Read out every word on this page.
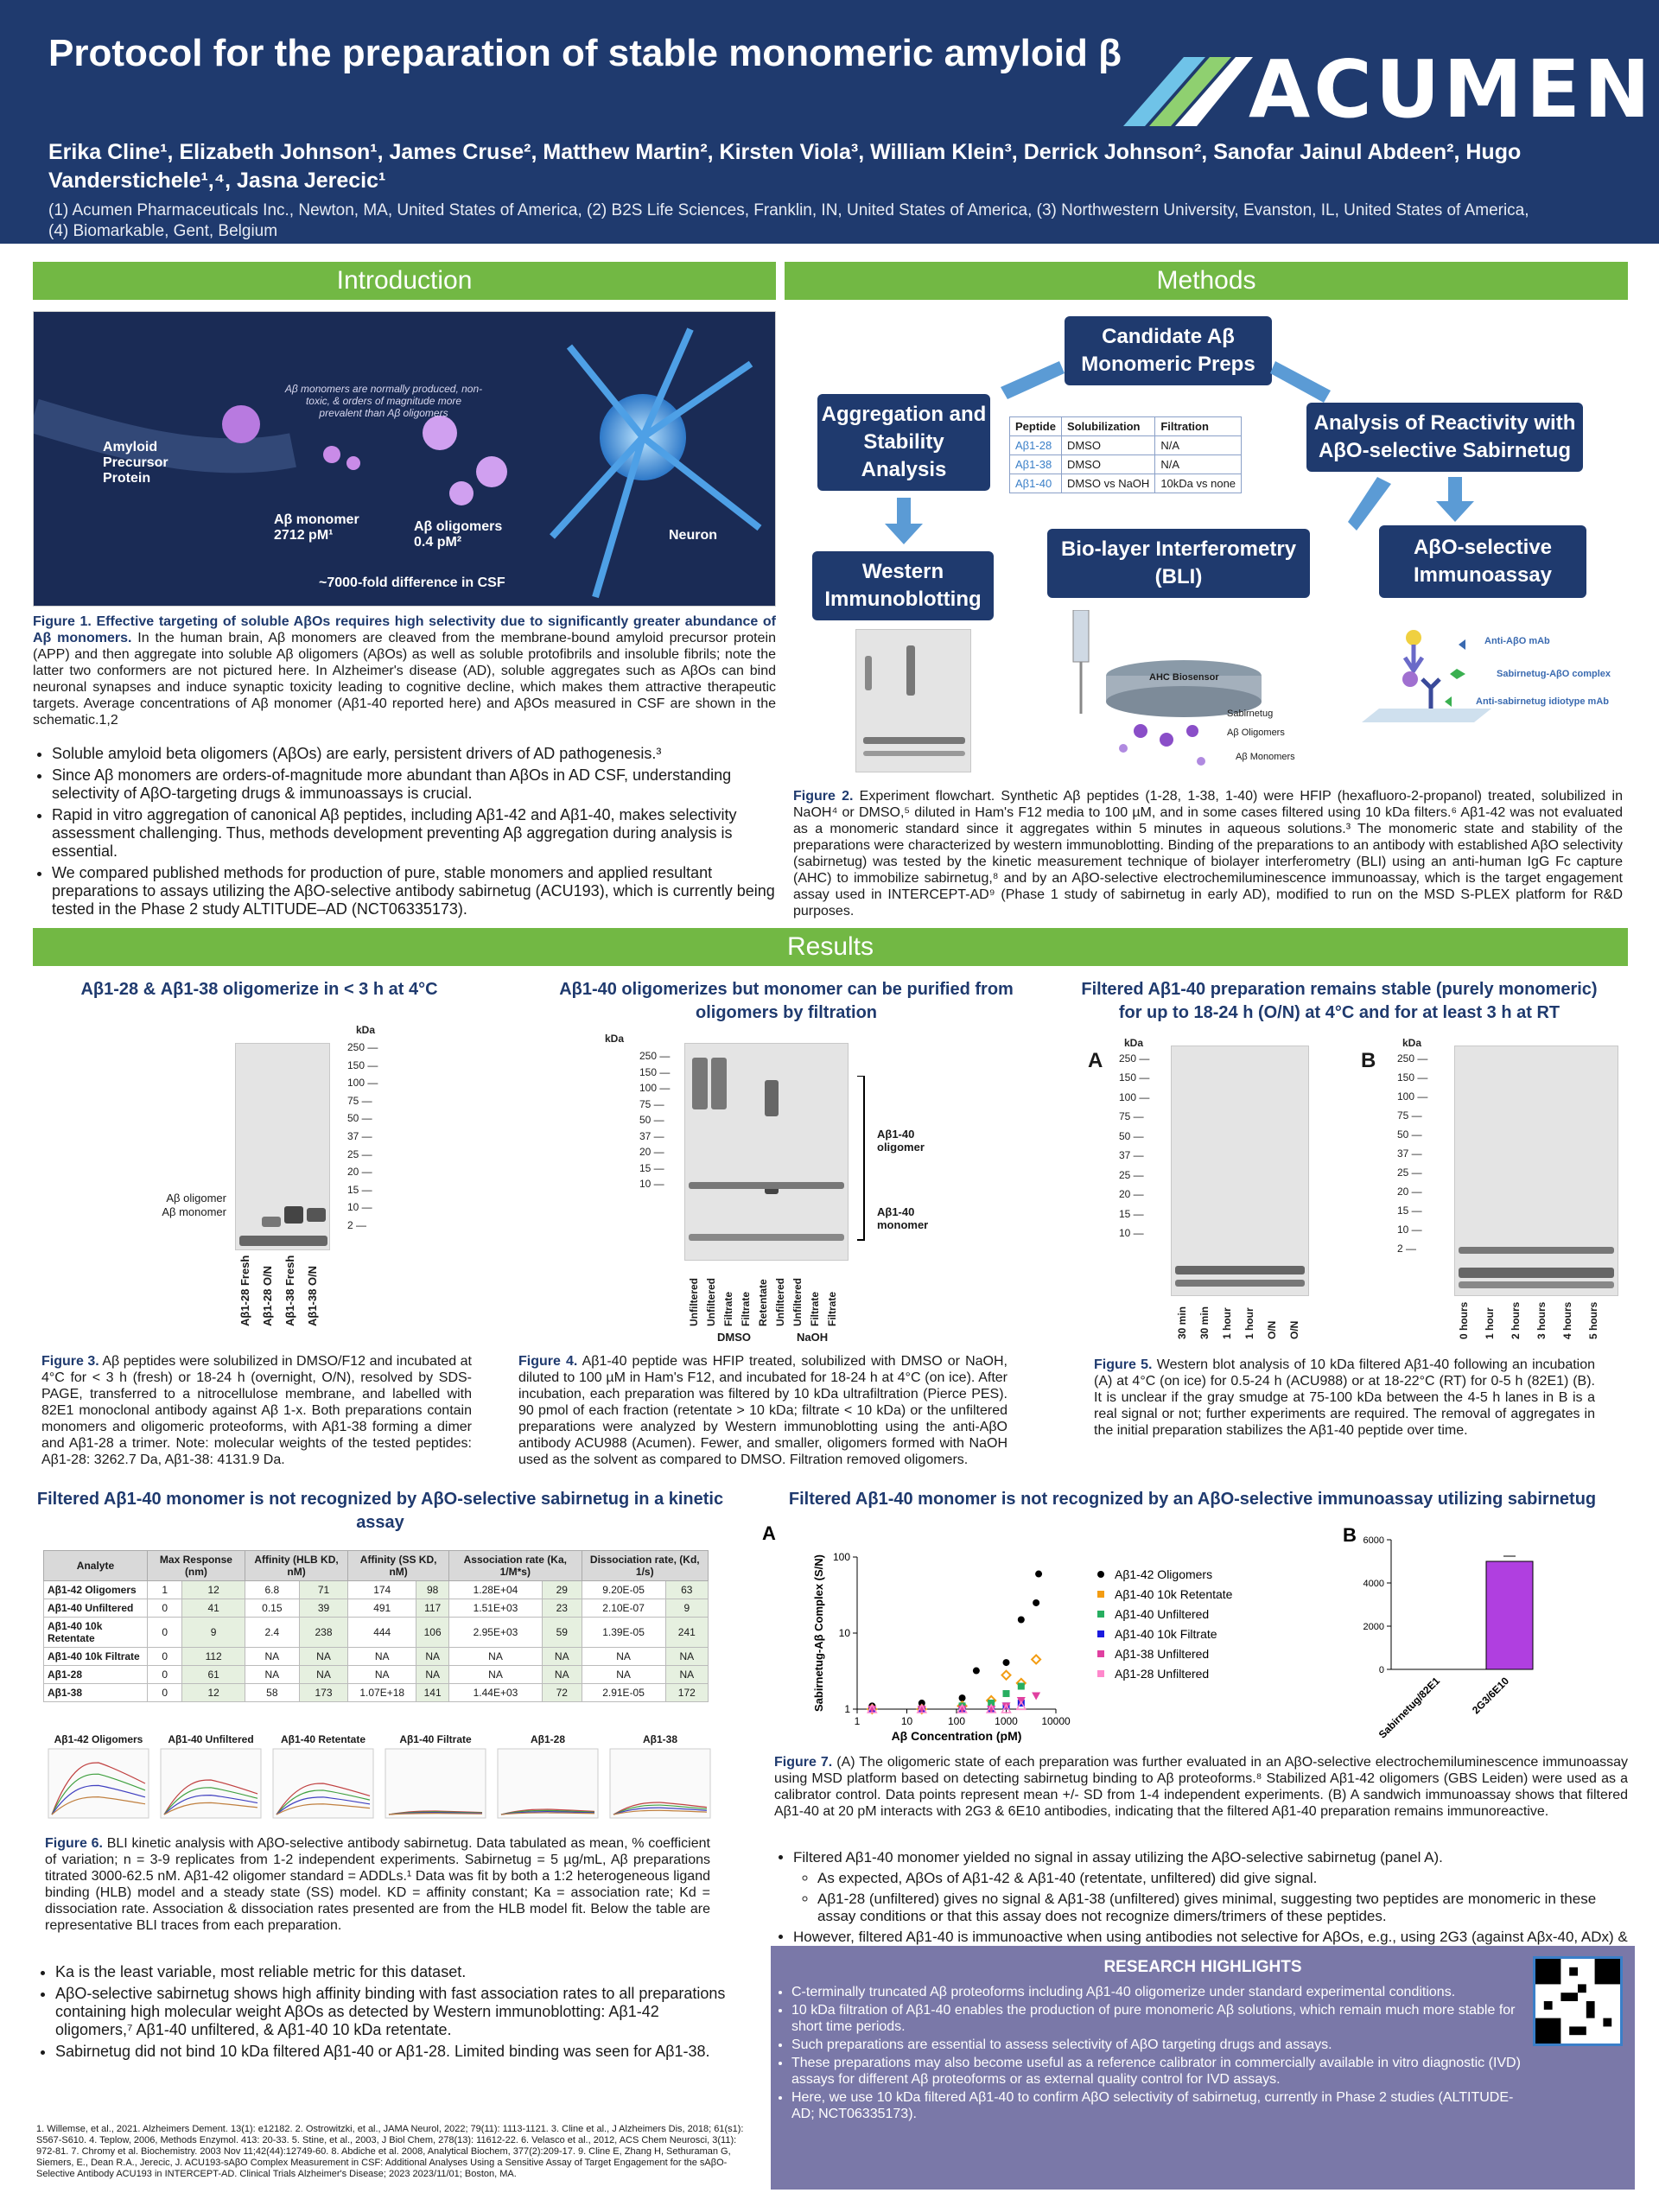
Protocol for the preparation of stable monomeric amyloid β	ACUMEN
Erika Cline¹, Elizabeth Johnson¹, James Cruse², Matthew Martin², Kirsten Viola³, William Klein³, Derrick Johnson², Sanofar Jainul Abdeen², Hugo Vanderstichele¹,⁴, Jasna Jerecic¹
(1) Acumen Pharmaceuticals Inc., Newton, MA, United States of America, (2) B2S Life Sciences, Franklin, IN, United States of America, (3) Northwestern University, Evanston, IL, United States of America, (4) Biomarkable, Gent, Belgium
Introduction	Methods
Results
Amyloid Precursor Protein
Aβ monomers are normally produced, non-toxic, & orders of magnitude more prevalent than Aβ oligomers
Aβ monomer 2712 pM¹
Aβ oligomers 0.4 pM²	Neuron
~7000-fold difference in CSF
Figure 1. Effective targeting of soluble AβOs requires high selectivity due to significantly greater abundance of Aβ monomers. In the human brain, Aβ monomers are cleaved from the membrane-bound amyloid precursor protein (APP) and then aggregate into soluble Aβ oligomers (AβOs) as well as soluble protofibrils and insoluble fibrils; note the latter two conformers are not pictured here. In Alzheimer's disease (AD), soluble aggregates such as AβOs can bind neuronal synapses and induce synaptic toxicity leading to cognitive decline, which makes them attractive therapeutic targets. Average concentrations of Aβ monomer (Aβ1-40 reported here) and AβOs measured in CSF are shown in the schematic.1,2
• Soluble amyloid beta oligomers (AβOs) are early, persistent drivers of AD pathogenesis.³
• Since Aβ monomers are orders-of-magnitude more abundant than AβOs in AD CSF, understanding selectivity of AβO-targeting drugs & immunoassays is crucial.
• Rapid in vitro aggregation of canonical Aβ peptides, including Aβ1-42 and Aβ1-40, makes selectivity assessment challenging. Thus, methods development preventing Aβ aggregation during analysis is essential.
• We compared published methods for production of pure, stable monomers and applied resultant preparations to assays utilizing the AβO-selective antibody sabirnetug (ACU193), which is currently being tested in the Phase 2 study ALTITUDE–AD (NCT06335173).
Candidate Aβ Monomeric Preps
Aggregation and Stability Analysis
Analysis of Reactivity with AβO-selective Sabirnetug
Western Immunoblotting
Bio-layer Interferometry (BLI)
AβO-selective Immunoassay
Peptide	Solubilization	Filtration
Aβ1-28	DMSO	N/A
Aβ1-38	DMSO	N/A
Aβ1-40	DMSO vs NaOH	10kDa vs none
AHC Biosensor
Sabirnetug
Aβ Oligomers
Aβ Monomers
Anti-AβO mAb
Sabirnetug-AβO complex
Anti-sabirnetug idiotype mAb
Figure 2. Experiment flowchart. Synthetic Aβ peptides (1-28, 1-38, 1-40) were HFIP (hexafluoro-2-propanol) treated, solubilized in NaOH⁴ or DMSO,⁵ diluted in Ham's F12 media to 100 µM, and in some cases filtered using 10 kDa filters.⁶ Aβ1-42 was not evaluated as a monomeric standard since it aggregates within 5 minutes in aqueous solutions.³ The monomeric state and stability of the preparations were characterized by western immunoblotting. Binding of the preparations to an antibody with established AβO selectivity (sabirnetug) was tested by the kinetic measurement technique of biolayer interferometry (BLI) using an anti-human IgG Fc capture (AHC) to immobilize sabirnetug,⁸ and by an AβO-selective electrochemiluminescence immunoassay, which is the target engagement assay used in INTERCEPT-AD⁹ (Phase 1 study of sabirnetug in early AD), modified to run on the MSD S-PLEX platform for R&D purposes.
Aβ1-28 & Aβ1-38 oligomerize in < 3 h at 4°C	Aβ1-40 oligomerizes but monomer can be purified from oligomers by filtration
Filtered Aβ1-40 preparation remains stable (purely monomeric) for up to 18-24 h (O/N) at 4°C and for at least 3 h at RT
kDa
250 —
150 —
100 —
75 —
50 —
37 —
25 —
20 —
15 —
10 —
2 —
Aβ oligomer
Aβ monomer
Aβ1-28 Fresh Aβ1-28 O/N Aβ1-38 Fresh Aβ1-38 O/N
kDa
250 —
150 —
100 —
75 —
50 —
37 —
20 —
15 —
10 —
Aβ1-40 oligomer
Aβ1-40 monomer
Unfiltered Unfiltered Filtrate Filtrate Retentate Unfiltered Unfiltered Filtrate Filtrate
DMSO	NaOH
A	B
kDa	kDa
250 —
150 —
100 —
75 —
50 —
37 —
25 —
20 —
15 —
10 —
250 —
150 —
100 —
75 —
50 —
37 —
25 —
20 —
15 —
10 —
2 —
30 min 30 min 1 hour 1 hour O/N O/N	0 hours 1 hour 2 hours 3 hours 4 hours 5 hours
Figure 3. Aβ peptides were solubilized in DMSO/F12 and incubated at 4°C for < 3 h (fresh) or 18-24 h (overnight, O/N), resolved by SDS-PAGE, transferred to a nitrocellulose membrane, and labelled with 82E1 monoclonal antibody against Aβ 1-x. Both preparations contain monomers and oligomeric proteoforms, with Aβ1-38 forming a dimer and Aβ1-28 a trimer. Note: molecular weights of the tested peptides: Aβ1-28: 3262.7 Da, Aβ1-38: 4131.9 Da.
Figure 4. Aβ1-40 peptide was HFIP treated, solubilized with DMSO or NaOH, diluted to 100 µM in Ham's F12, and incubated for 18-24 h at 4°C (on ice). After incubation, each preparation was filtered by 10 kDa ultrafiltration (Pierce PES). 90 pmol of each fraction (retentate > 10 kDa; filtrate < 10 kDa) or the unfiltered preparations were analyzed by Western immunoblotting using the anti-AβO antibody ACU988 (Acumen). Fewer, and smaller, oligomers formed with NaOH used as the solvent as compared to DMSO. Filtration removed oligomers.
Figure 5. Western blot analysis of 10 kDa filtered Aβ1-40 following an incubation (A) at 4°C (on ice) for 0.5-24 h (ACU988) or at 18-22°C (RT) for 0-5 h (82E1) (B). It is unclear if the gray smudge at 75-100 kDa between the 4-5 h lanes in B is a real signal or not; further experiments are required. The removal of aggregates in the initial preparation stabilizes the Aβ1-40 peptide over time.
Filtered Aβ1-40 monomer is not recognized by AβO-selective sabirnetug in a kinetic assay
Filtered Aβ1-40 monomer is not recognized by an AβO-selective immunoassay utilizing sabirnetug
Analyte	Max Response (nm)		Affinity (HLB KD, nM)		Affinity (SS KD, nM)		Association rate (Ka, 1/M*s)		Dissociation rate, (Kd, 1/s)	
Aβ1-42 Oligomers	1	12	6.8	71	174	98	1.28E+04	29	9.20E-05	63
Aβ1-40 Unfiltered	0	41	0.15	39	491	117	1.51E+03	23	2.10E-07	9
Aβ1-40 10k Retentate	0	9	2.4	238	444	106	2.95E+03	59	1.39E-05	241
Aβ1-40 10k Filtrate	0	112	NA	NA	NA	NA	NA	NA	NA	NA
Aβ1-28	0	61	NA	NA	NA	NA	NA	NA	NA	NA
Aβ1-38	0	12	58	173	1.07E+18	141	1.44E+03	72	2.91E-05	172
Aβ1-42 Oligomers	Aβ1-40 Unfiltered	Aβ1-40 Retentate	Aβ1-40 Filtrate	Aβ1-28	Aβ1-38
Figure 6. BLI kinetic analysis with AβO-selective antibody sabirnetug. Data tabulated as mean, % coefficient of variation; n = 3-9 replicates from 1-2 independent experiments. Sabirnetug = 5 µg/mL, Aβ preparations titrated 3000-62.5 nM. Aβ1-42 oligomer standard = ADDLs.¹ Data was fit by both a 1:2 heterogeneous ligand binding (HLB) model and a steady state (SS) model. KD = affinity constant; Ka = association rate; Kd = dissociation rate. Association & dissociation rates presented are from the HLB model fit. Below the table are representative BLI traces from each preparation.
• Ka is the least variable, most reliable metric for this dataset.
• AβO-selective sabirnetug shows high affinity binding with fast association rates to all preparations containing high molecular weight AβOs as detected by Western immunoblotting: Aβ1-42 oligomers,⁷ Aβ1-40 unfiltered, & Aβ1-40 10 kDa retentate.
• Sabirnetug did not bind 10 kDa filtered Aβ1-40 or Aβ1-28. Limited binding was seen for Aβ1-38.
A
1	10	100	1000 10000
1
10
100
Aβ Concentration (pM)
Sabirnetug-Aβ Complex (S/N)	Aβ1-42 Oligomers
Aβ1-40 10k Retentate
Aβ1-40 Unfiltered
Aβ1-40 10k Filtrate
Aβ1-38 Unfiltered
Aβ1-28 Unfiltered
B
0
2000
4000
6000
Sabirnetug/82E1	2G3/6E10
Figure 7. (A) The oligomeric state of each preparation was further evaluated in an AβO-selective electrochemiluminescence immunoassay using MSD platform based on detecting sabirnetug binding to Aβ proteoforms.⁸ Stabilized Aβ1-42 oligomers (GBS Leiden) were used as a calibrator control. Data points represent mean +/- SD from 1-4 independent experiments. (B) A sandwich immunoassay shows that filtered Aβ1-40 at 20 pM interacts with 2G3 & 6E10 antibodies, indicating that the filtered Aβ1-40 preparation remains immunoreactive.
• Filtered Aβ1-40 monomer yielded no signal in assay utilizing the AβO-selective sabirnetug (panel A).
◦ As expected, AβOs of Aβ1-42 & Aβ1-40 (retentate, unfiltered) did give signal.
◦ Aβ1-28 (unfiltered) gives no signal & Aβ1-38 (unfiltered) gives minimal, suggesting two peptides are monomeric in these assay conditions or that this assay does not recognize dimers/trimers of these peptides.
• However, filtered Aβ1-40 is immunoactive when using antibodies not selective for AβOs, e.g., using 2G3 (against Aβx-40, ADx) &
RESEARCH HIGHLIGHTS
• C-terminally truncated Aβ proteoforms including Aβ1-40 oligomerize under standard experimental conditions.
• 10 kDa filtration of Aβ1-40 enables the production of pure monomeric Aβ solutions, which remain much more stable for short time periods.
• Such preparations are essential to assess selectivity of AβO targeting drugs and assays.
• These preparations may also become useful as a reference calibrator in commercially available in vitro diagnostic (IVD) assays for different Aβ proteoforms or as external quality control for IVD assays.
• Here, we use 10 kDa filtered Aβ1-40 to confirm AβO selectivity of sabirnetug, currently in Phase 2 studies (ALTITUDE-AD; NCT06335173).
1. Willemse, et al., 2021. Alzheimers Dement. 13(1): e12182. 2. Ostrowitzki, et al., JAMA Neurol, 2022; 79(11): 1113-1121. 3. Cline et al., J Alzheimers Dis, 2018; 61(s1): S567-S610. 4. Teplow, 2006, Methods Enzymol. 413: 20-33. 5. Stine, et al., 2003, J Biol Chem, 278(13): 11612-22. 6. Velasco et al., 2012, ACS Chem Neurosci, 3(11): 972-81. 7. Chromy et al. Biochemistry. 2003 Nov 11;42(44):12749-60. 8. Abdiche et al. 2008, Analytical Biochem, 377(2):209-17. 9. Cline E, Zhang H, Sethuraman G, Siemers, E., Dean R.A., Jerecic, J. ACU193-sAβO Complex Measurement in CSF: Additional Analyses Using a Sensitive Assay of Target Engagement for the sAβO-Selective Antibody ACU193 in INTERCEPT-AD. Clinical Trials Alzheimer's Disease; 2023 2023/11/01; Boston, MA.
